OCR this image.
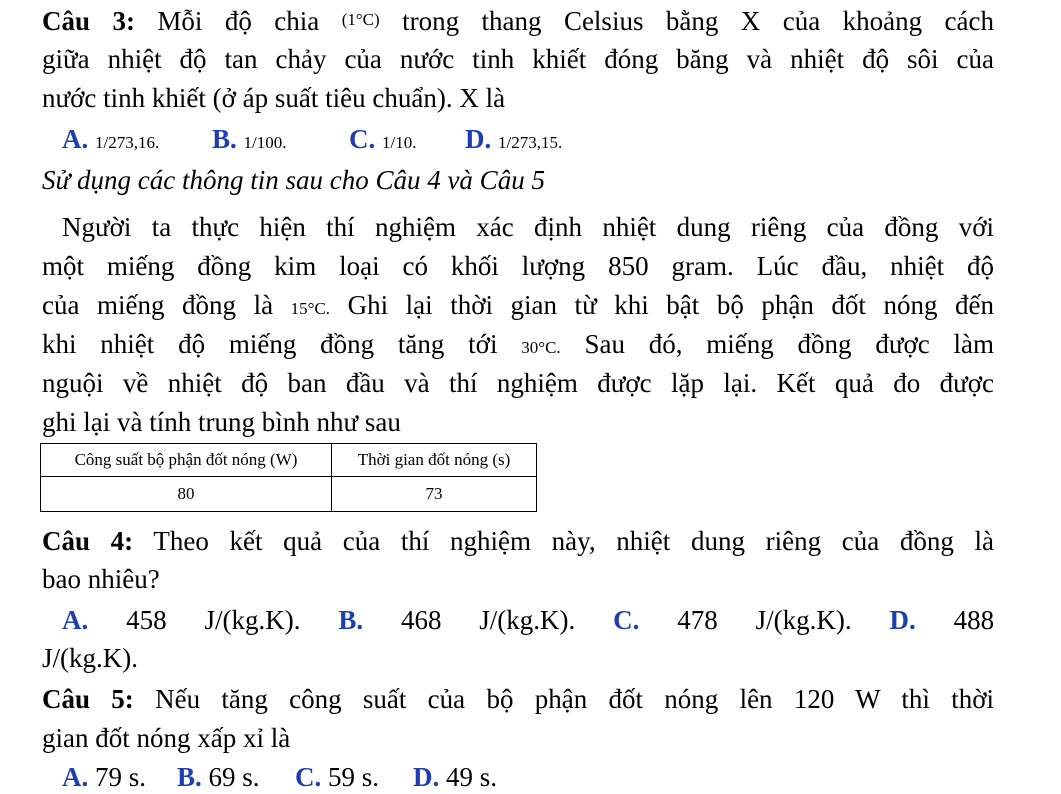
Câu 3: Mỗi độ chia (1°C) trong thang Celsius bằng X của khoảng cách
giữa nhiệt độ tan chảy của nước tinh khiết đóng băng và nhiệt độ sôi của
nước tinh khiết (ở áp suất tiêu chuẩn). X là
A. 1/273,16. B. 1/100. C. 1/10. D. 1/273,15.
Sử dụng các thông tin sau cho Câu 4 và Câu 5
Người ta thực hiện thí nghiệm xác định nhiệt dung riêng của đồng với
một miếng đồng kim loại có khối lượng 850 gram. Lúc đầu, nhiệt độ
của miếng đồng là 15°C. Ghi lại thời gian từ khi bật bộ phận đốt nóng đến
khi nhiệt độ miếng đồng tăng tới 30°C. Sau đó, miếng đồng được làm
nguội về nhiệt độ ban đầu và thí nghiệm được lặp lại. Kết quả đo được
ghi lại và tính trung bình như sau
Công suất bộ phận đốt nóng (W)	Thời gian đốt nóng (s)
80	73
Câu 4: Theo kết quả của thí nghiệm này, nhiệt dung riêng của đồng là
bao nhiêu?
A. 458 J/(kg.K). B. 468 J/(kg.K). C. 478 J/(kg.K). D. 488
J/(kg.K).
Câu 5: Nếu tăng công suất của bộ phận đốt nóng lên 120 W thì thời
gian đốt nóng xấp xỉ là
A. 79 s. B. 69 s. C. 59 s. D. 49 s.
